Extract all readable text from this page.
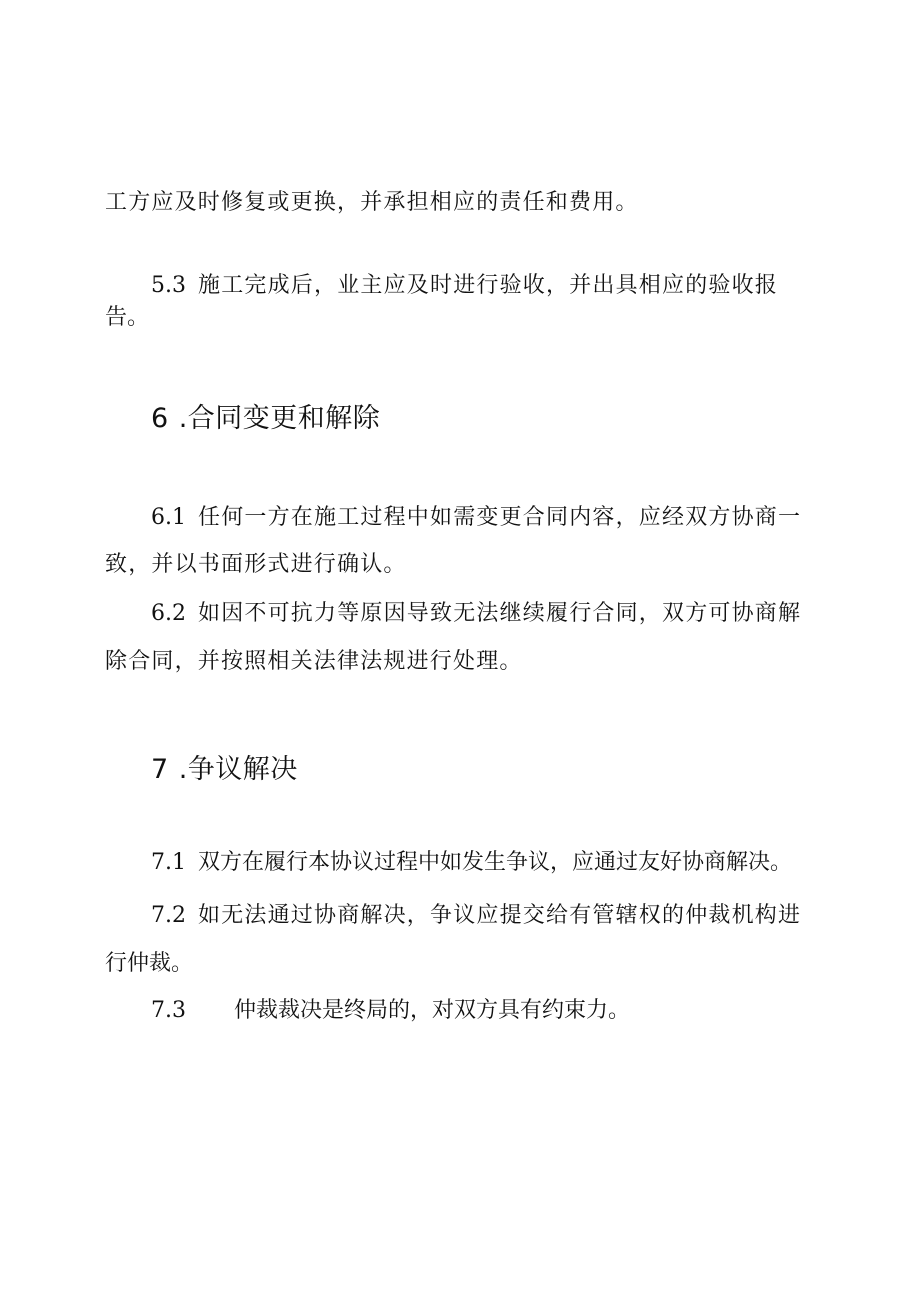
工方应及时修复或更换，并承担相应的责任和费用。
5.3 施工完成后，业主应及时进行验收，并出具相应的验收报
告。
6 .合同变更和解除
6.1 任何一方在施工过程中如需变更合同内容，应经双方协商一
致，并以书面形式进行确认。
6.2 如因不可抗力等原因导致无法继续履行合同，双方可协商解
除合同，并按照相关法律法规进行处理。
7 .争议解决
7.1 双方在履行本协议过程中如发生争议，应通过友好协商解决。
7.2 如无法通过协商解决，争议应提交给有管辖权的仲裁机构进
行仲裁。
7.3 仲裁裁决是终局的，对双方具有约束力。
